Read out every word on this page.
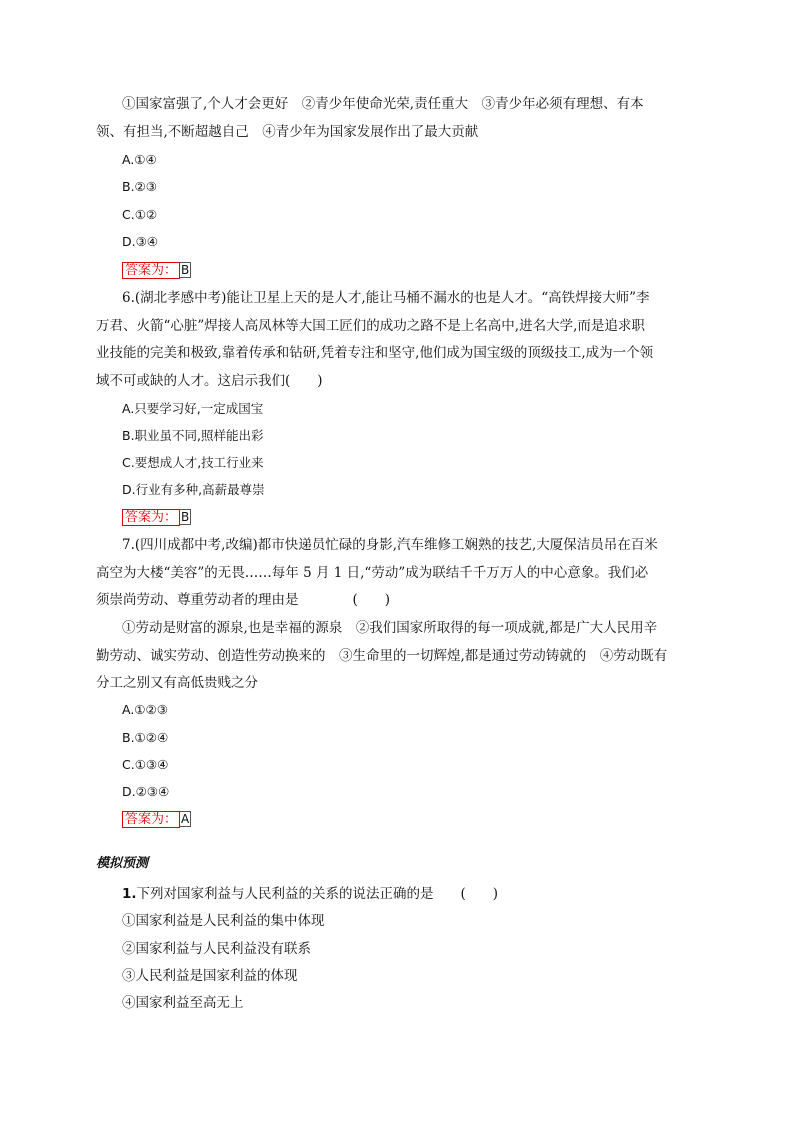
①国家富强了,个人才会更好　②青少年使命光荣,责任重大　③青少年必须有理想、有本
领、有担当,不断超越自己　④青少年为国家发展作出了最大贡献
A.①④
B.②③
C.①②
D.③④
答案为： B
6.(湖北孝感中考)能让卫星上天的是人才,能让马桶不漏水的也是人才。“高铁焊接大师”李
万君、火箭“心脏”焊接人高凤林等大国工匠们的成功之路不是上名高中,进名大学,而是追求职
业技能的完美和极致,靠着传承和钻研,凭着专注和坚守,他们成为国宝级的顶级技工,成为一个领
域不可或缺的人才。这启示我们(　　)
A.只要学习好,一定成国宝
B.职业虽不同,照样能出彩
C.要想成人才,技工行业来
D.行业有多种,高薪最尊崇
答案为： B
7.(四川成都中考,改编)都市快递员忙碌的身影,汽车维修工娴熟的技艺,大厦保洁员吊在百米
高空为大楼“美容”的无畏……每年 5 月 1 日,“劳动”成为联结千千万万人的中心意象。我们必
须崇尚劳动、尊重劳动者的理由是　　　　(　　)
①劳动是财富的源泉,也是幸福的源泉　②我们国家所取得的每一项成就,都是广大人民用辛
勤劳动、诚实劳动、创造性劳动换来的　③生命里的一切辉煌,都是通过劳动铸就的　④劳动既有
分工之别又有高低贵贱之分
A.①②③
B.①②④
C.①③④
D.②③④
答案为： A
模拟预测
1.下列对国家利益与人民利益的关系的说法正确的是　　(　　)
①国家利益是人民利益的集中体现
②国家利益与人民利益没有联系
③人民利益是国家利益的体现
④国家利益至高无上
